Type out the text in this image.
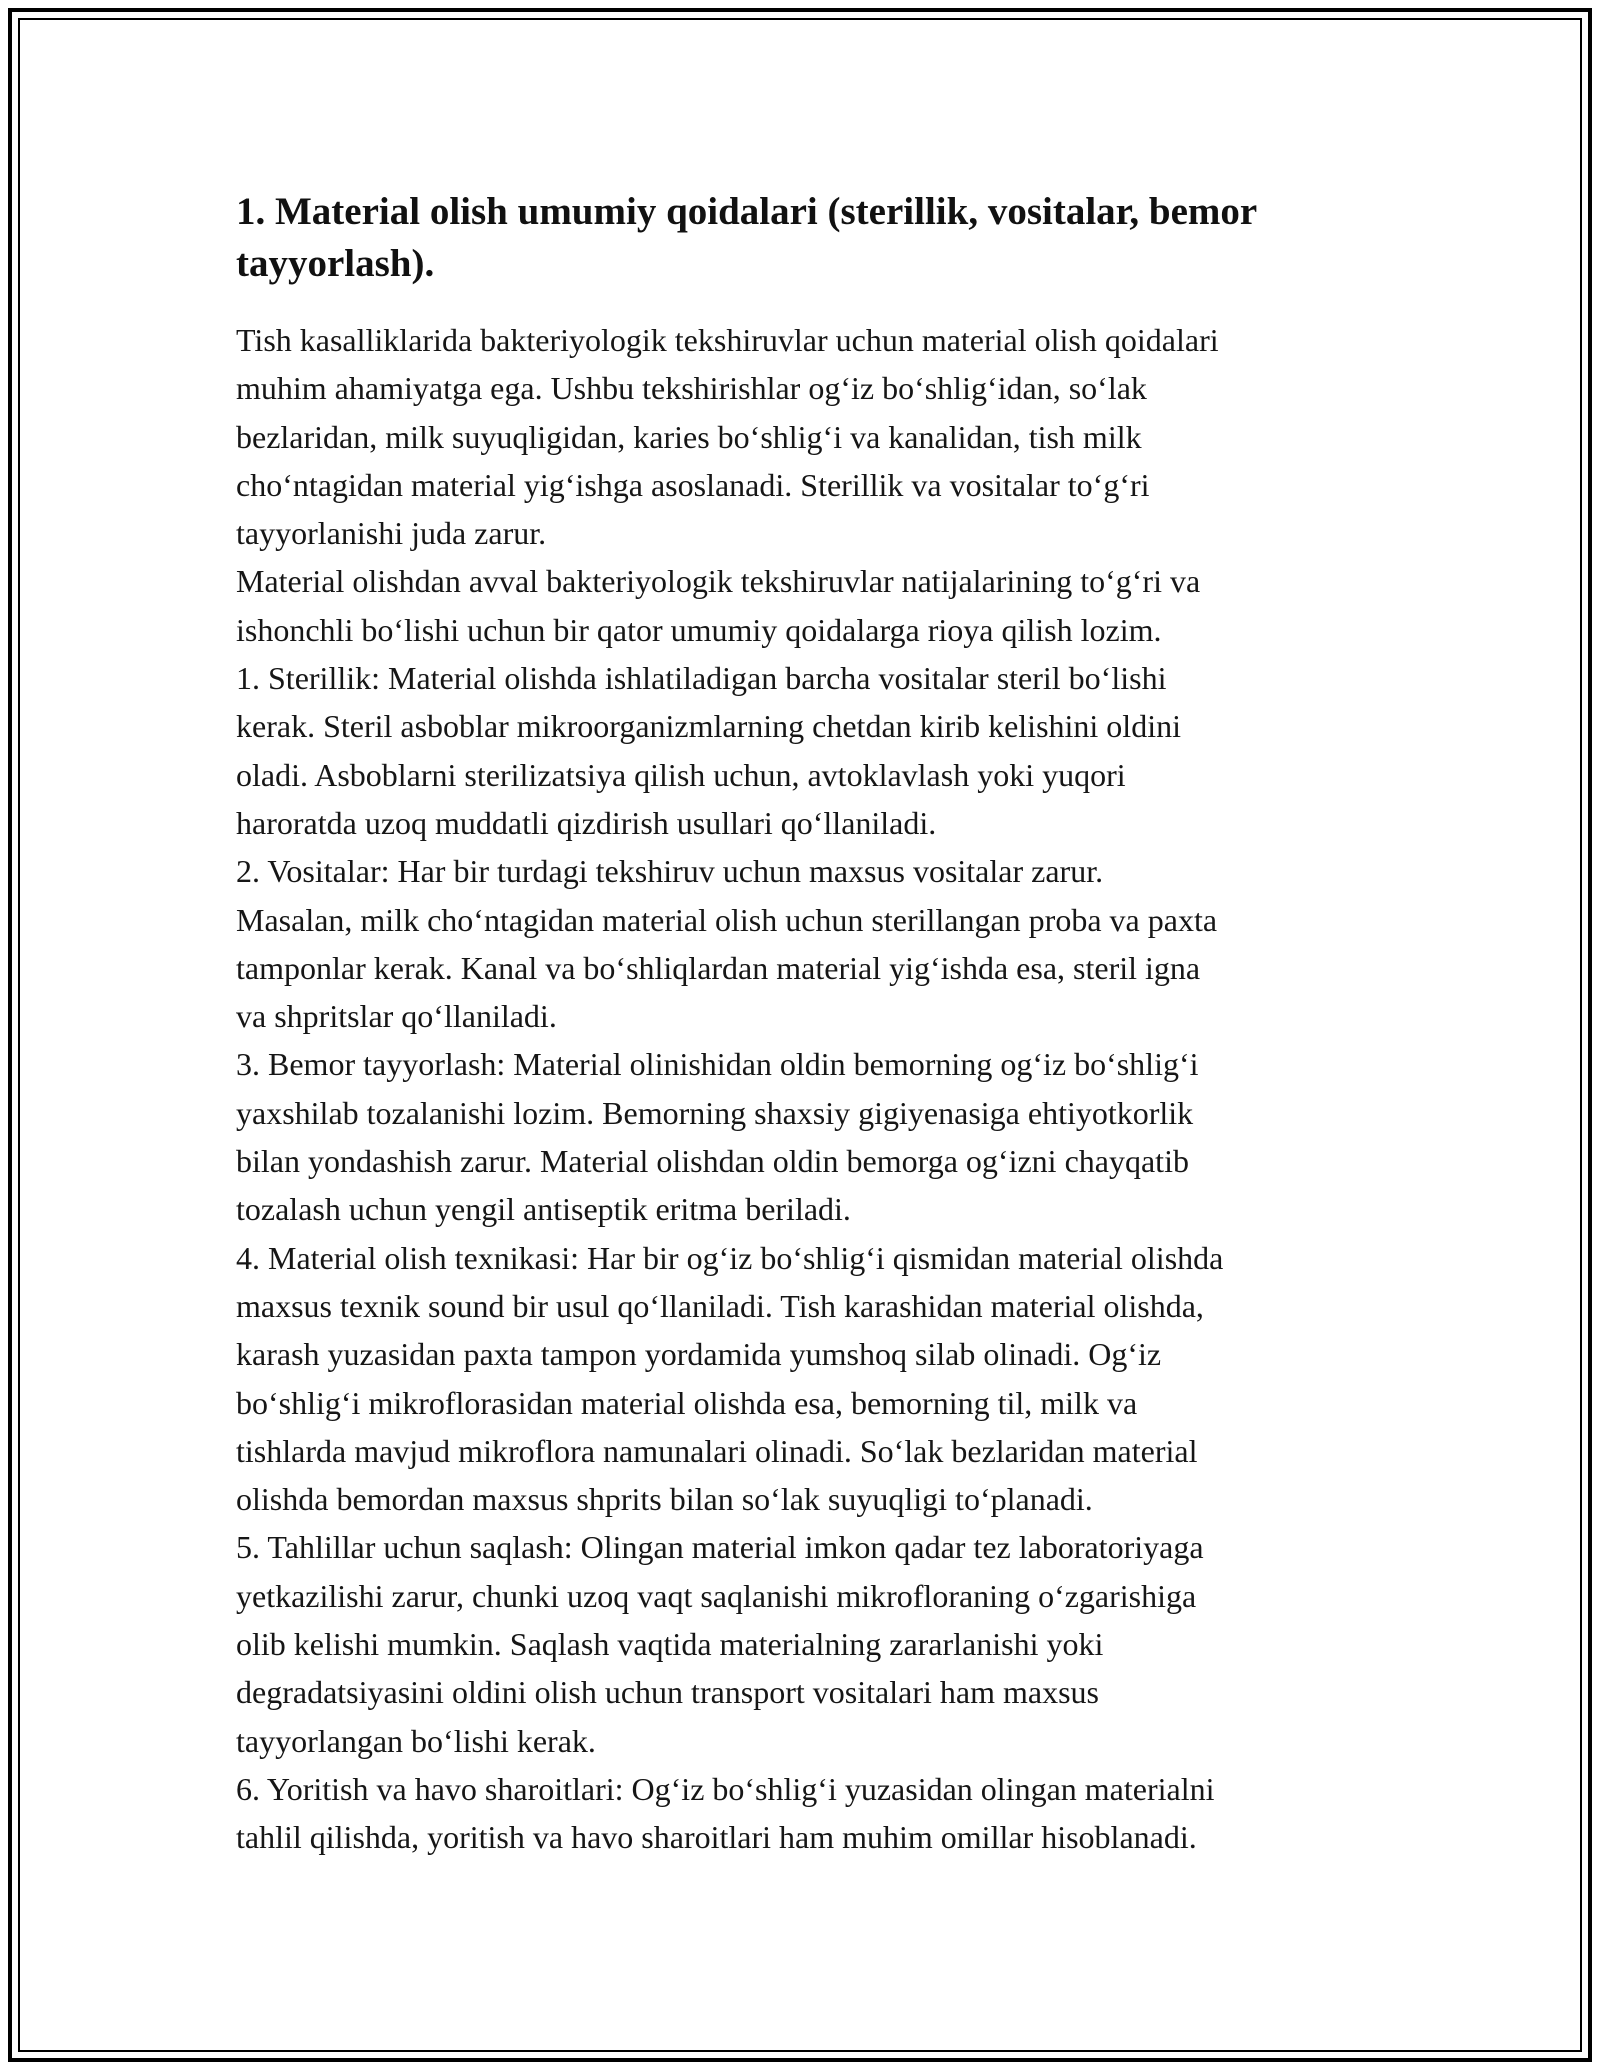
1. Material olish umumiy qoidalari (sterillik, vositalar, bemor
tayyorlash).
Tish kasalliklarida bakteriyologik tekshiruvlar uchun material olish qoidalari
muhim ahamiyatga ega. Ushbu tekshirishlar og‘iz bo‘shlig‘idan, so‘lak
bezlaridan, milk suyuqligidan, karies bo‘shlig‘i va kanalidan, tish milk
cho‘ntagidan material yig‘ishga asoslanadi. Sterillik va vositalar to‘g‘ri
tayyorlanishi juda zarur.
Material olishdan avval bakteriyologik tekshiruvlar natijalarining to‘g‘ri va
ishonchli bo‘lishi uchun bir qator umumiy qoidalarga rioya qilish lozim.
1. Sterillik: Material olishda ishlatiladigan barcha vositalar steril bo‘lishi
kerak. Steril asboblar mikroorganizmlarning chetdan kirib kelishini oldini
oladi. Asboblarni sterilizatsiya qilish uchun, avtoklavlash yoki yuqori
haroratda uzoq muddatli qizdirish usullari qo‘llaniladi.
2. Vositalar: Har bir turdagi tekshiruv uchun maxsus vositalar zarur.
Masalan, milk cho‘ntagidan material olish uchun sterillangan proba va paxta
tamponlar kerak. Kanal va bo‘shliqlardan material yig‘ishda esa, steril igna
va shpritslar qo‘llaniladi.
3. Bemor tayyorlash: Material olinishidan oldin bemorning og‘iz bo‘shlig‘i
yaxshilab tozalanishi lozim. Bemorning shaxsiy gigiyenasiga ehtiyotkorlik
bilan yondashish zarur. Material olishdan oldin bemorga og‘izni chayqatib
tozalash uchun yengil antiseptik eritma beriladi.
4. Material olish texnikasi: Har bir og‘iz bo‘shlig‘i qismidan material olishda
maxsus texnik sound bir usul qo‘llaniladi. Tish karashidan material olishda,
karash yuzasidan paxta tampon yordamida yumshoq silab olinadi. Og‘iz
bo‘shlig‘i mikroflorasidan material olishda esa, bemorning til, milk va
tishlarda mavjud mikroflora namunalari olinadi. So‘lak bezlaridan material
olishda bemordan maxsus shprits bilan so‘lak suyuqligi to‘planadi.
5. Tahlillar uchun saqlash: Olingan material imkon qadar tez laboratoriyaga
yetkazilishi zarur, chunki uzoq vaqt saqlanishi mikrofloraning o‘zgarishiga
olib kelishi mumkin. Saqlash vaqtida materialning zararlanishi yoki
degradatsiyasini oldini olish uchun transport vositalari ham maxsus
tayyorlangan bo‘lishi kerak.
6. Yoritish va havo sharoitlari: Og‘iz bo‘shlig‘i yuzasidan olingan materialni
tahlil qilishda, yoritish va havo sharoitlari ham muhim omillar hisoblanadi.
